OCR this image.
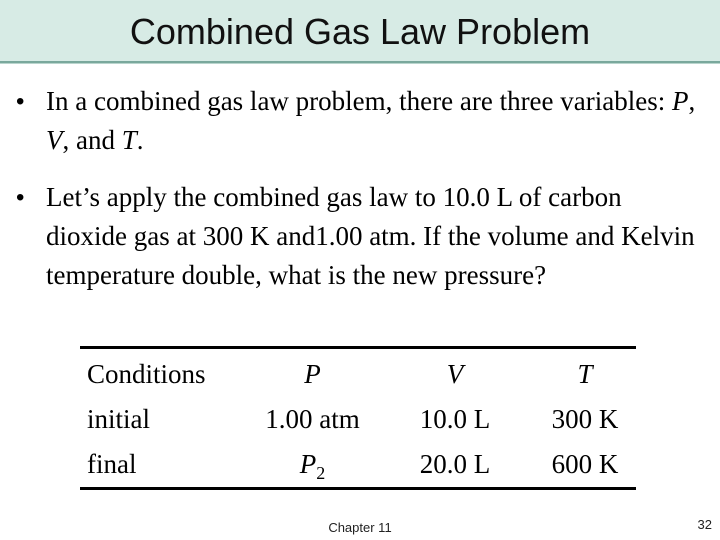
Combined Gas Law Problem
• In a combined gas law problem, there are three variables: P, V, and T.
• Let’s apply the combined gas law to 10.0 L of carbon dioxide gas at 300 K and1.00 atm. If the volume and Kelvin temperature double, what is the new pressure?
Conditions	P	V	T
initial	1.00 atm	10.0 L	300 K
final	$P_2$	20.0 L	600 K
Chapter 11	32
